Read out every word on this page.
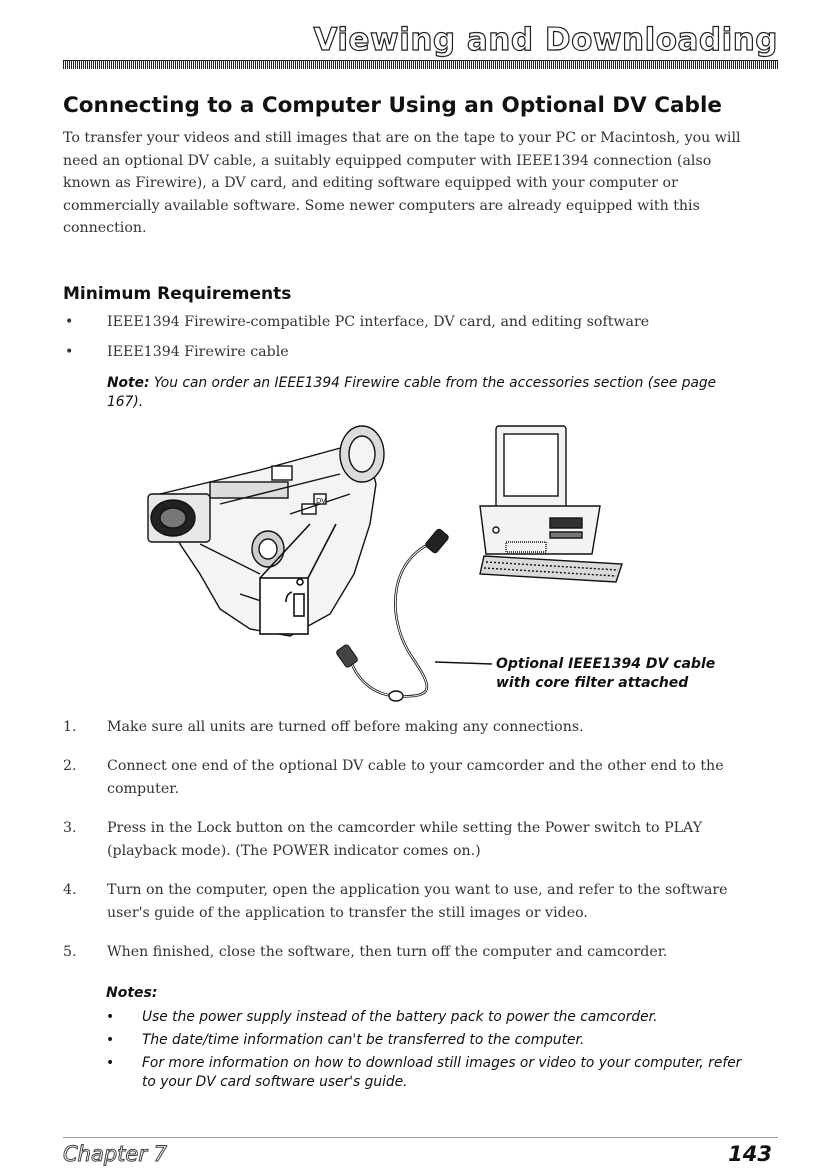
Viewing and Downloading
Connecting to a Computer Using an Optional DV Cable

To transfer your videos and still images that are on the tape to your PC or Macintosh, you will need an optional DV cable, a suitably equipped computer with IEEE1394 connection (also known as Firewire), a DV card, and editing software equipped with your computer or commercially available software. Some newer computers are already equipped with this connection.

Minimum Requirements
• IEEE1394 Firewire-compatible PC interface, DV card, and editing software
• IEEE1394 Firewire cable

Note: You can order an IEEE1394 Firewire cable from the accessories section (see page 167).

DV

Optional IEEE1394 DV cable
with core filter attached

1. Make sure all units are turned off before making any connections.
2. Connect one end of the optional DV cable to your camcorder and the other end to the computer.
3. Press in the Lock button on the camcorder while setting the Power switch to PLAY (playback mode). (The POWER indicator comes on.)
4. Turn on the computer, open the application you want to use, and refer to the software user's guide of the application to transfer the still images or video.
5. When finished, close the software, then turn off the computer and camcorder.

Notes:

• Use the power supply instead of the battery pack to power the camcorder.
• The date/time information can't be transferred to the computer.
• For more information on how to download still images or video to your computer, refer to your DV card software user's guide.

Chapter 7	143
